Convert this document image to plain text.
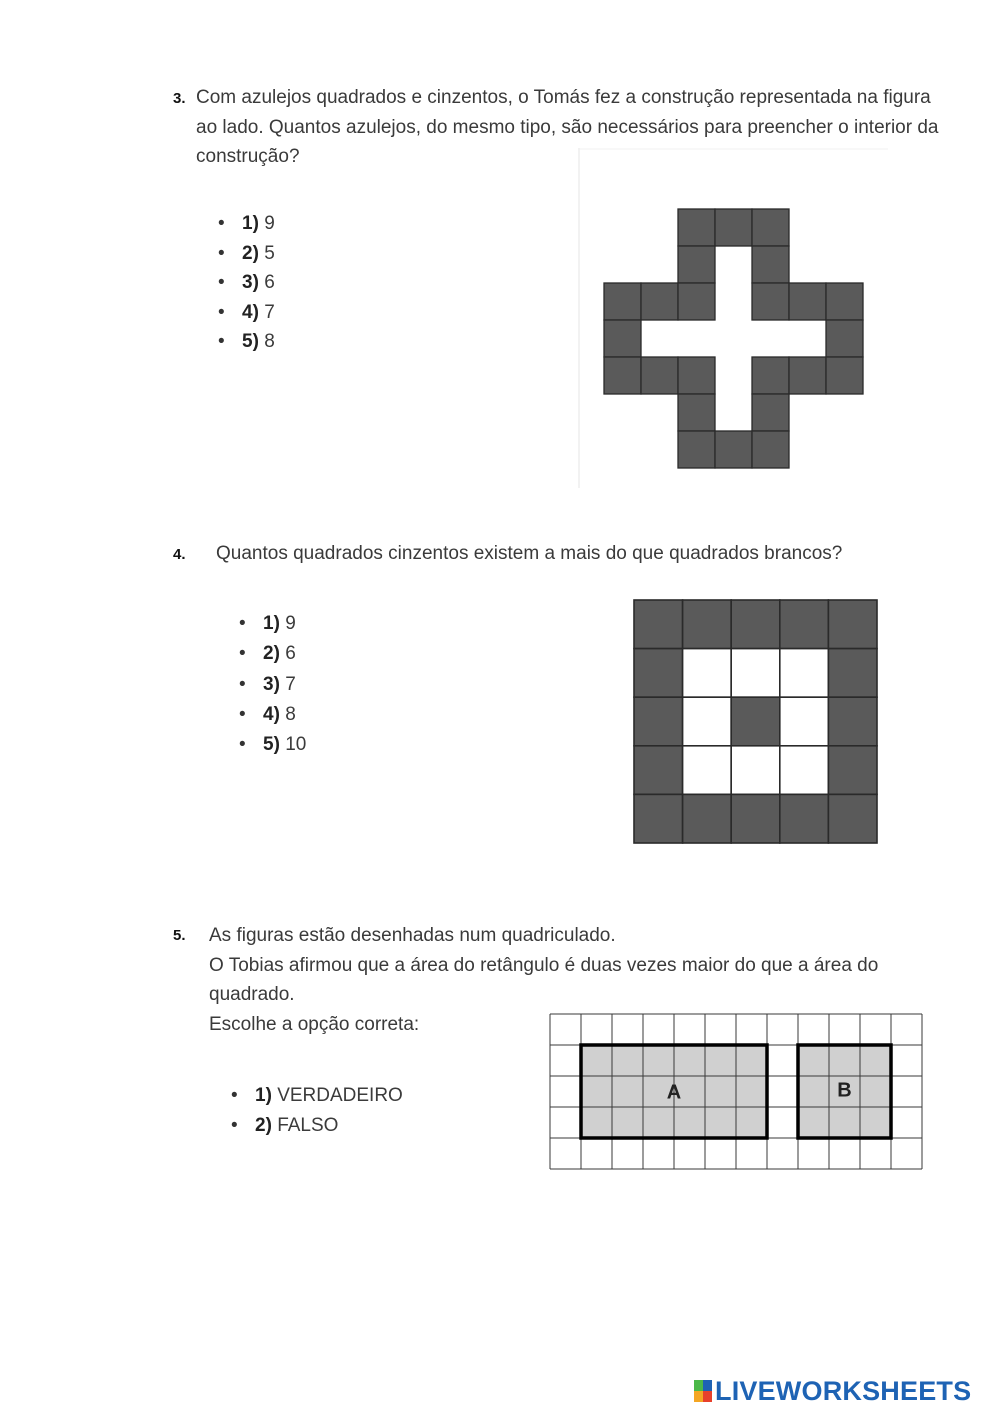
3. Com azulejos quadrados e cinzentos, o Tomás fez a construção representada na figura
ao lado. Quantos azulejos, do mesmo tipo, são necessários para preencher o interior da
construção?
• 1) 9
• 2) 5
• 3) 6
• 4) 7
• 5) 8
4. Quantos quadrados cinzentos existem a mais do que quadrados brancos?
• 1) 9
• 2) 6
• 3) 7
• 4) 8
• 5) 10
5. As figuras estão desenhadas num quadriculado.
O Tobias afirmou que a área do retângulo é duas vezes maior do que a área do
quadrado.
Escolhe a opção correta:
• 1) VERDADEIRO
• 2) FALSO
A	B
LIVEWORKSHEETS
